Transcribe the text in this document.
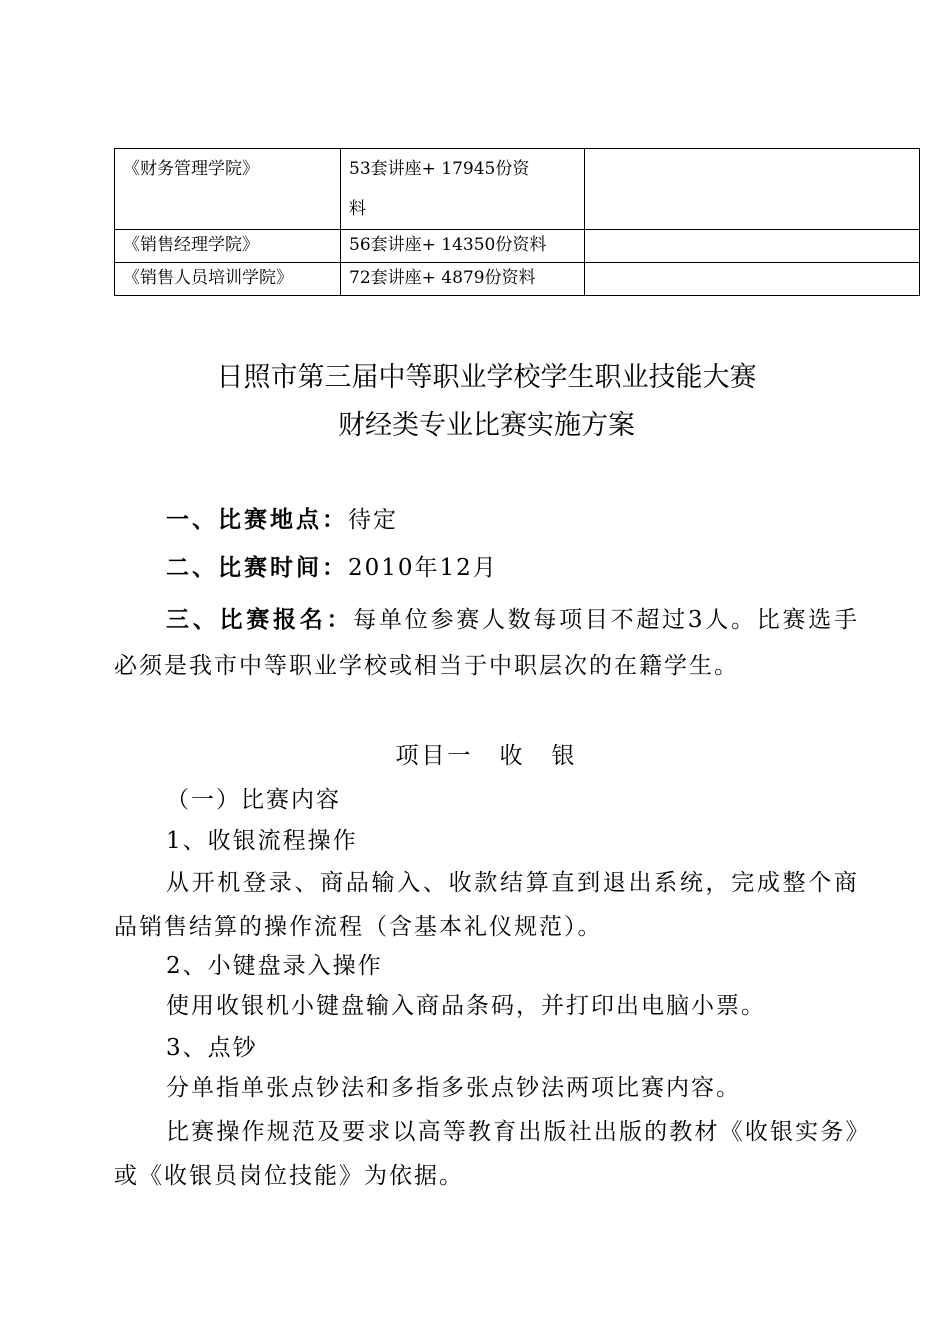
《财务管理学院》	53套讲座+ 17945份资
料	
《销售经理学院》	56套讲座+ 14350份资料	
《销售人员培训学院》	72套讲座+ 4879份资料	
日照市第三届中等职业学校学生职业技能大赛
财经类专业比赛实施方案
一、比赛地点：待定
二、比赛时间：2010年12月
三、比赛报名：每单位参赛人数每项目不超过3人。比赛选手必须是我市中等职业学校或相当于中职层次的在籍学生。
项目一　收　银
（一）比赛内容
1、收银流程操作
从开机登录、商品输入、收款结算直到退出系统，完成整个商品销售结算的操作流程（含基本礼仪规范）。
2、小键盘录入操作
使用收银机小键盘输入商品条码，并打印出电脑小票。
3、点钞
分单指单张点钞法和多指多张点钞法两项比赛内容。
比赛操作规范及要求以高等教育出版社出版的教材《收银实务》或《收银员岗位技能》为依据。
